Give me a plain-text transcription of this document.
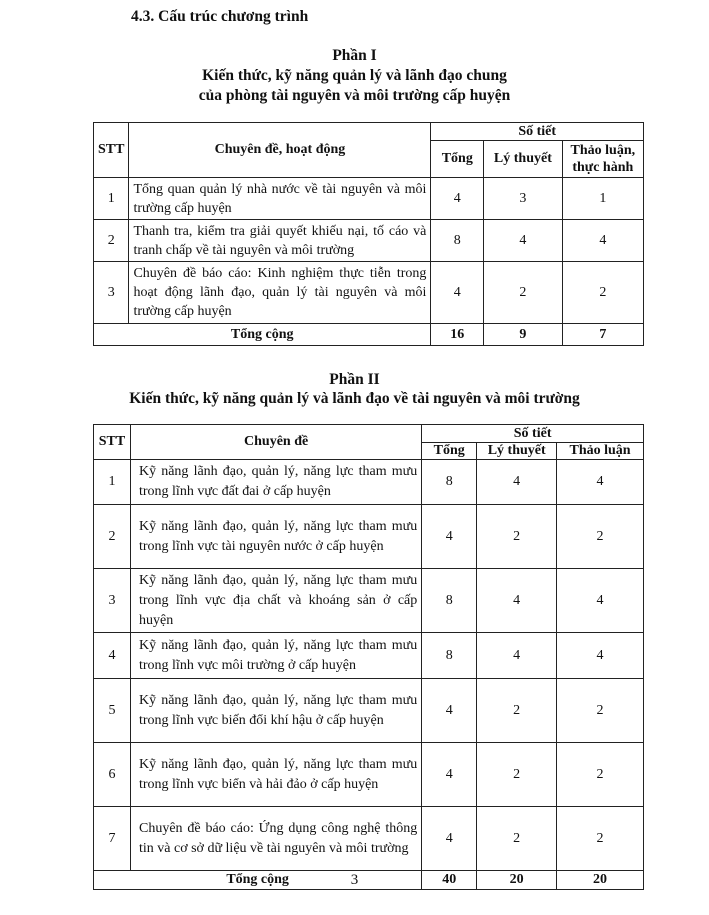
4.3. Cấu trúc chương trình
Phần I
Kiến thức, kỹ năng quản lý và lãnh đạo chung
của phòng tài nguyên và môi trường cấp huyện
STT	Chuyên đề, hoạt động	Số tiết		
		Tổng	Lý thuyết	Thảo luận, thực hành
1	Tổng quan quản lý nhà nước về tài nguyên và môi trường cấp huyện	4	3	1
2	Thanh tra, kiểm tra giải quyết khiếu nại, tố cáo và tranh chấp về tài nguyên và môi trường	8	4	4
3	Chuyên đề báo cáo: Kinh nghiệm thực tiễn trong hoạt động lãnh đạo, quản lý tài nguyên và môi trường cấp huyện	4	2	2
Tổng cộng		16	9	7
Phần II
Kiến thức, kỹ năng quản lý và lãnh đạo về tài nguyên và môi trường
STT	Chuyên đề	Số tiết		
		Tổng	Lý thuyết	Thảo luận
1	Kỹ năng lãnh đạo, quản lý, năng lực tham mưu trong lĩnh vực đất đai ở cấp huyện	8	4	4
2	Kỹ năng lãnh đạo, quản lý, năng lực tham mưu trong lĩnh vực tài nguyên nước ở cấp huyện	4	2	2
3	Kỹ năng lãnh đạo, quản lý, năng lực tham mưu trong lĩnh vực địa chất và khoáng sản ở cấp huyện	8	4	4
4	Kỹ năng lãnh đạo, quản lý, năng lực tham mưu trong lĩnh vực môi trường ở cấp huyện	8	4	4
5	Kỹ năng lãnh đạo, quản lý, năng lực tham mưu trong lĩnh vực biến đổi khí hậu ở cấp huyện	4	2	2
6	Kỹ năng lãnh đạo, quản lý, năng lực tham mưu trong lĩnh vực biển và hải đảo ở cấp huyện	4	2	2
7	Chuyên đề báo cáo: Ứng dụng công nghệ thông tin và cơ sở dữ liệu về tài nguyên và môi trường	4	2	2
Tổng cộng		40	20	20
3
